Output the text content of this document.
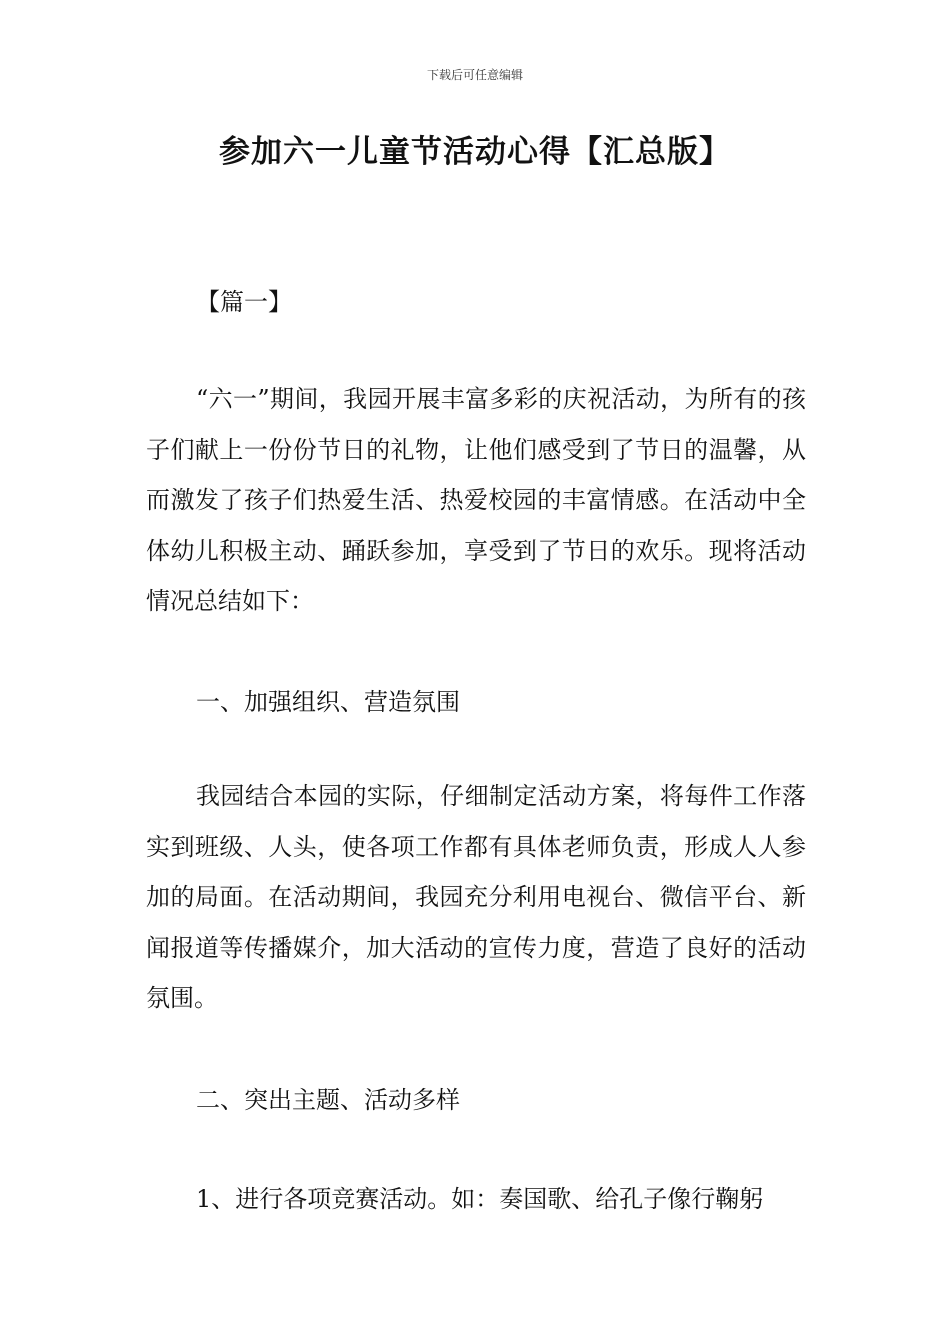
下载后可任意编辑
参加六一儿童节活动心得【汇总版】
【篇一】

“六一”期间，我园开展丰富多彩的庆祝活动，为所有的孩子们献上一份份节日的礼物，让他们感受到了节日的温馨，从而激发了孩子们热爱生活、热爱校园的丰富情感。在活动中全体幼儿积极主动、踊跃参加，享受到了节日的欢乐。现将活动情况总结如下：

一、加强组织、营造氛围

我园结合本园的实际，仔细制定活动方案，将每件工作落实到班级、人头，使各项工作都有具体老师负责，形成人人参加的局面。在活动期间，我园充分利用电视台、微信平台、新闻报道等传播媒介，加大活动的宣传力度，营造了良好的活动氛围。

二、突出主题、活动多样
1、进行各项竞赛活动。如：奏国歌、给孔子像行鞠躬
